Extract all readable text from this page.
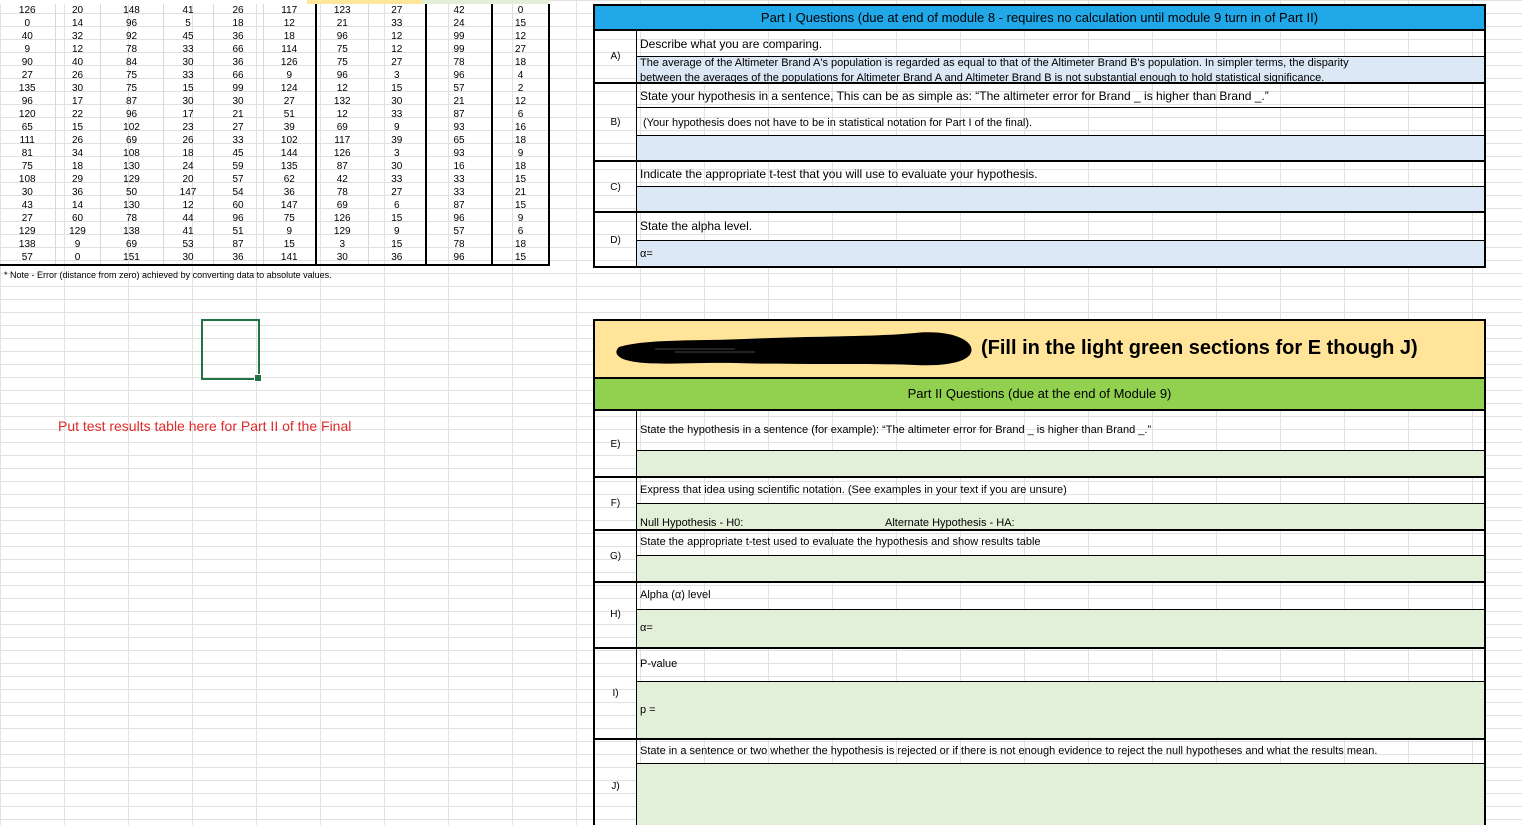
126	20	148	41	26	117	123	27	42	0
0	14	96	5	18	12	21	33	24	15
40	32	92	45	36	18	96	12	99	12
9	12	78	33	66	114	75	12	99	27
90	40	84	30	36	126	75	27	78	18
27	26	75	33	66	9	96	3	96	4
135	30	75	15	99	124	12	15	57	2
96	17	87	30	30	27	132	30	21	12
120	22	96	17	21	51	12	33	87	6
65	15	102	23	27	39	69	9	93	16
111	26	69	26	33	102	117	39	65	18
81	34	108	18	45	144	126	3	93	9
75	18	130	24	59	135	87	30	16	18
108	29	129	20	57	62	42	33	33	15
30	36	50	147	54	36	78	27	33	21
43	14	130	12	60	147	69	6	87	15
27	60	78	44	96	75	126	15	96	9
129	129	138	41	51	9	129	9	57	6
138	9	69	53	87	15	3	15	78	18
57	0	151	30	36	141	30	36	96	15
* Note - Error (distance from zero) achieved by converting data to absolute values.
Put test results table here for Part II of the Final
Part I Questions (due at end of module 8 - requires no calculation until module 9 turn in of Part II)
A)
Describe what you are comparing.
The average of the Altimeter Brand A's population is regarded as equal to that of the Altimeter Brand B's population. In simpler terms, the disparity
between the averages of the populations for Altimeter Brand A and Altimeter Brand B is not substantial enough to hold statistical significance.
State your hypothesis in a sentence, This can be as simple as: “The altimeter error for Brand _ is higher than Brand _.”
B)	(Your hypothesis does not have to be in statistical notation for Part I of the final).
Indicate the appropriate t-test that you will use to evaluate your hypothesis.
C)
State the alpha level.
D)
α=
(Fill in the light green sections for E though J)
Part II Questions (due at the end of Module 9)
State the hypothesis in a sentence (for example): “The altimeter error for Brand _ is higher than Brand _.”
E)
Express that idea using scientific notation. (See examples in your text if you are unsure)
F)
Null Hypothesis - H0:	Alternate Hypothesis - HA:
State the appropriate t-test used to evaluate the hypothesis and show results table
G)
Alpha (α) level
H)
α=
P-value
I)
p =
State in a sentence or two whether the hypothesis is rejected or if there is not enough evidence to reject the null hypotheses and what the results mean.
J)
